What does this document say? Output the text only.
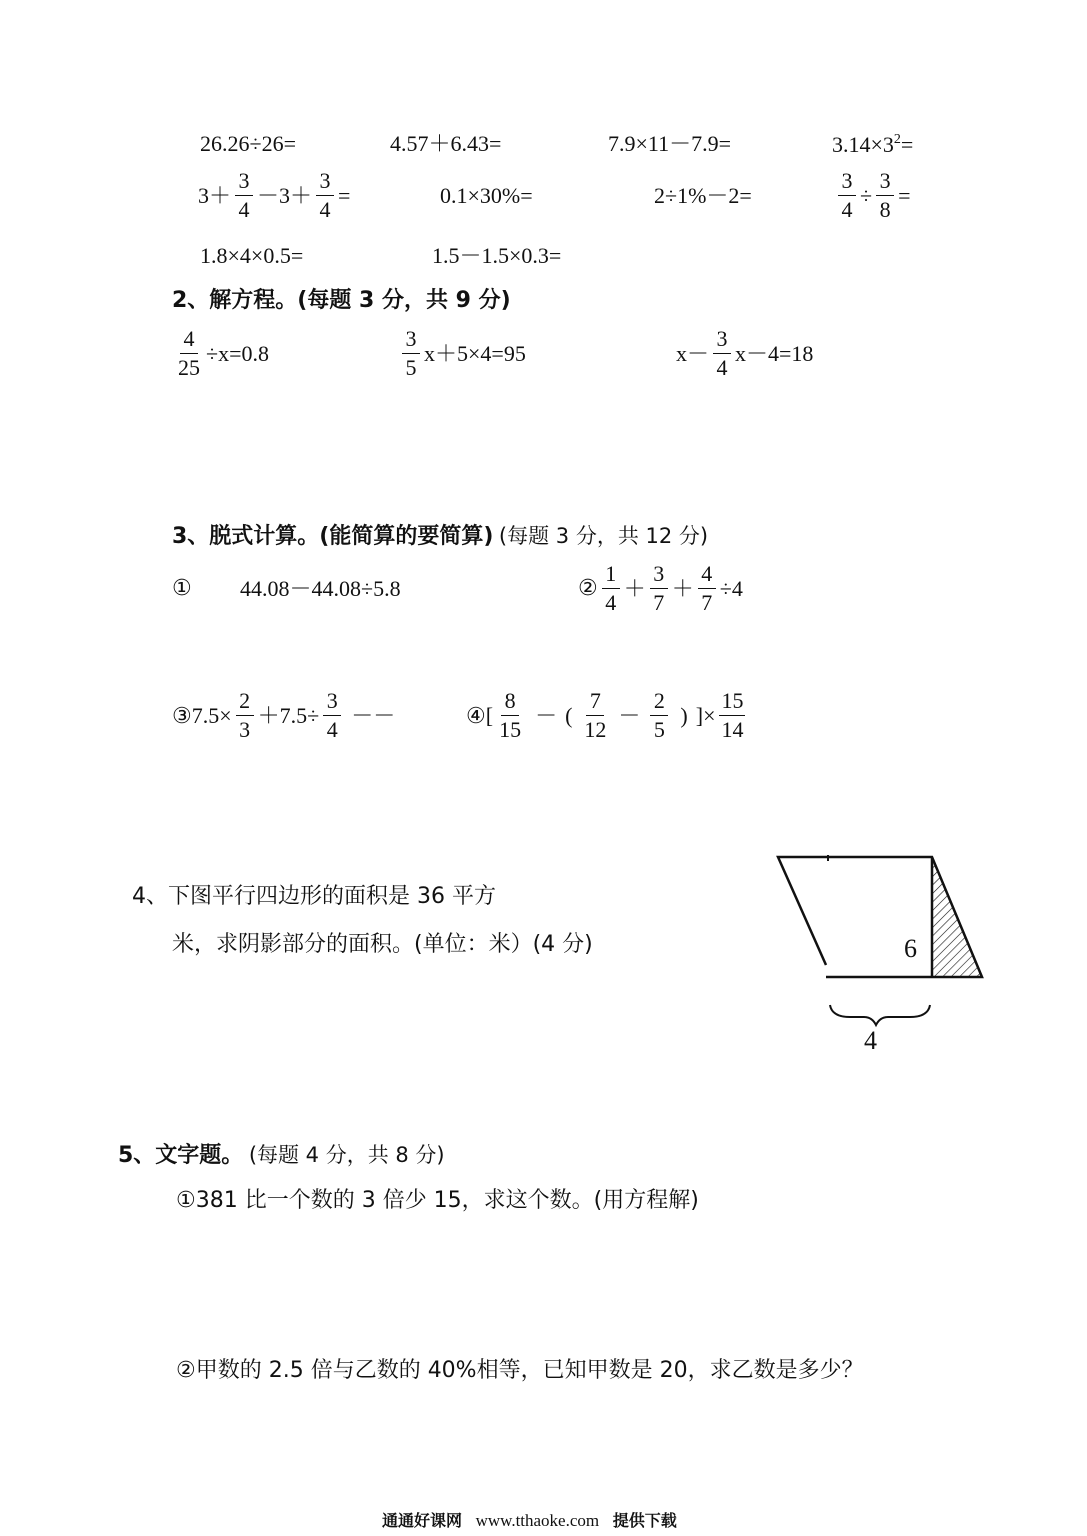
26.26÷26=	4.57＋6.43=	7.9×11－7.9=	$3.14\times 3^2=$
$3+ \frac{3}{4} -3+ \frac{3}{4}$ =	0.1×30%=	2÷1%－2=	$\frac{3}{4} \div \frac{3}{8}$ =
1.8×4×0.5=	1.5－1.5×0.3=
2、解方程。(每题 3 分，共 9 分)
$\frac{4}{25} \div x=0.8$	$\frac{3}{5} x+5\times 4=95$	$x- \frac{3}{4} x-4=18$
3、脱式计算。(能简算的要简算) (每题 3 分，共 12 分)
① 44.08－44.08÷5.8	② $\frac{1}{4} + \frac{3}{7} + \frac{4}{7} \div 4$
③7.5× $\frac{2}{3} +7.5\div \frac{3}{4}$ －－	④[ $\frac{8}{15}$ － ( $\frac{7}{12} - \frac{2}{5}$ ) ]× $\frac{15}{14}$
4、下图平行四边形的面积是 36 平方
米，求阴影部分的面积。(单位：米）(4 分)	6
4
5、文字题。 (每题 4 分，共 8 分)
①381 比一个数的 3 倍少 15，求这个数。(用方程解)
②甲数的 2.5 倍与乙数的 40%相等，已知甲数是 20，求乙数是多少？
通通好课网 www.tthaoke.com 提供下载
